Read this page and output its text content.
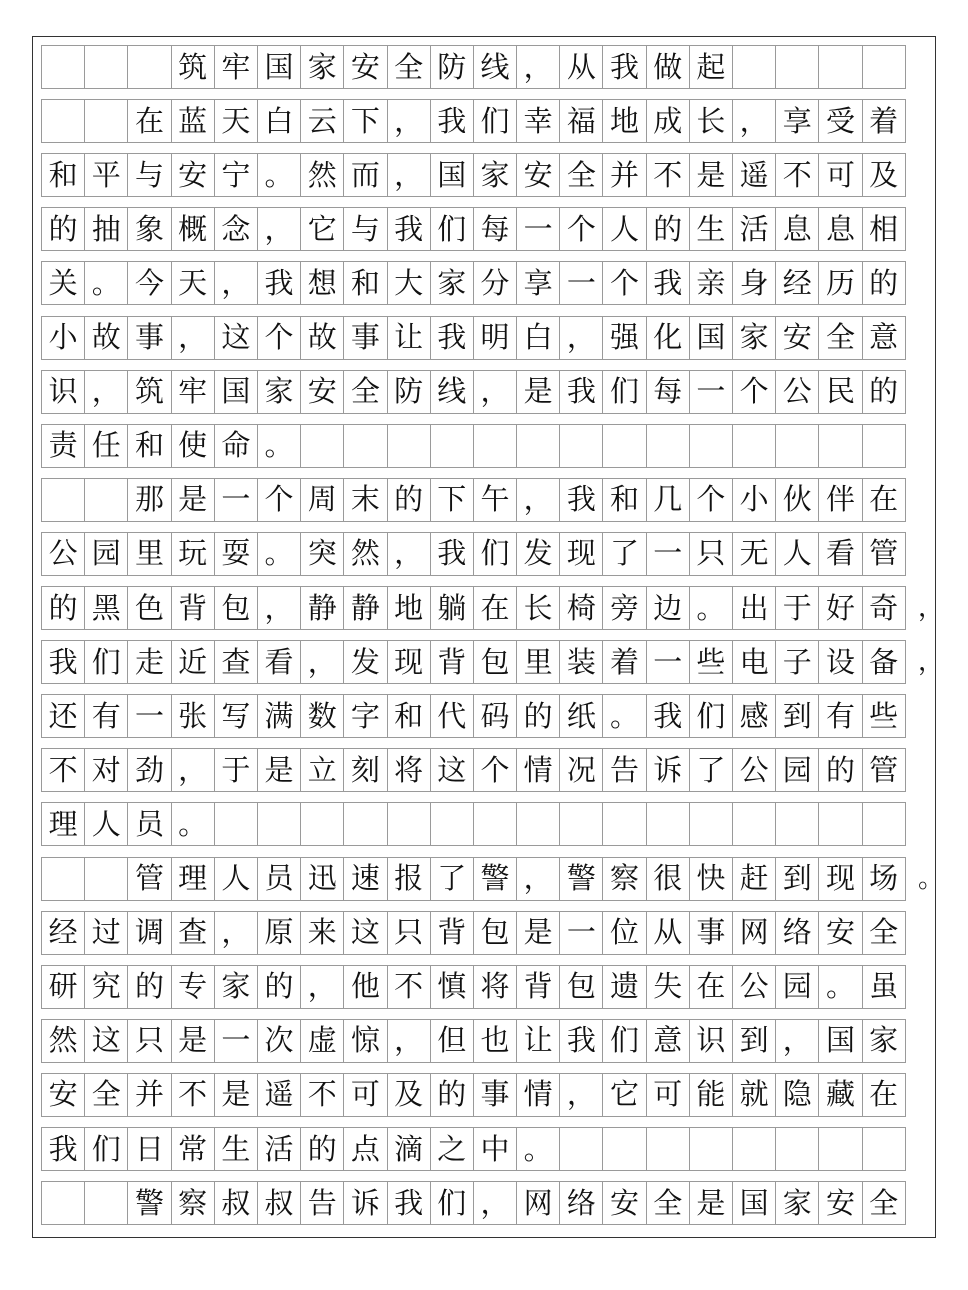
筑 牢 国 家 安 全 防 线 ， 从 我 做 起
在 蓝 天 白 云 下 ， 我 们 幸 福 地 成 长 ， 享 受 着
和 平 与 安 宁 。 然 而 ， 国 家 安 全 并 不 是 遥 不 可 及
的 抽 象 概 念 ， 它 与 我 们 每 一 个 人 的 生 活 息 息 相
关 。 今 天 ， 我 想 和 大 家 分 享 一 个 我 亲 身 经 历 的
小 故 事 ， 这 个 故 事 让 我 明 白 ， 强 化 国 家 安 全 意
识 ， 筑 牢 国 家 安 全 防 线 ， 是 我 们 每 一 个 公 民 的
责 任 和 使 命 。
那 是 一 个 周 末 的 下 午 ， 我 和 几 个 小 伙 伴 在
公 园 里 玩 耍 。 突 然 ， 我 们 发 现 了 一 只 无 人 看 管
的 黑 色 背 包 ， 静 静 地 躺 在 长 椅 旁 边 。 出 于 好 奇 ，
我 们 走 近 查 看 ， 发 现 背 包 里 装 着 一 些 电 子 设 备 ，
还 有 一 张 写 满 数 字 和 代 码 的 纸 。 我 们 感 到 有 些
不 对 劲 ， 于 是 立 刻 将 这 个 情 况 告 诉 了 公 园 的 管
理 人 员 。
管 理 人 员 迅 速 报 了 警 ， 警 察 很 快 赶 到 现 场 。
经 过 调 查 ， 原 来 这 只 背 包 是 一 位 从 事 网 络 安 全
研 究 的 专 家 的 ， 他 不 慎 将 背 包 遗 失 在 公 园 。 虽
然 这 只 是 一 次 虚 惊 ， 但 也 让 我 们 意 识 到 ， 国 家
安 全 并 不 是 遥 不 可 及 的 事 情 ， 它 可 能 就 隐 藏 在
我 们 日 常 生 活 的 点 滴 之 中 。
警 察 叔 叔 告 诉 我 们 ， 网 络 安 全 是 国 家 安 全
